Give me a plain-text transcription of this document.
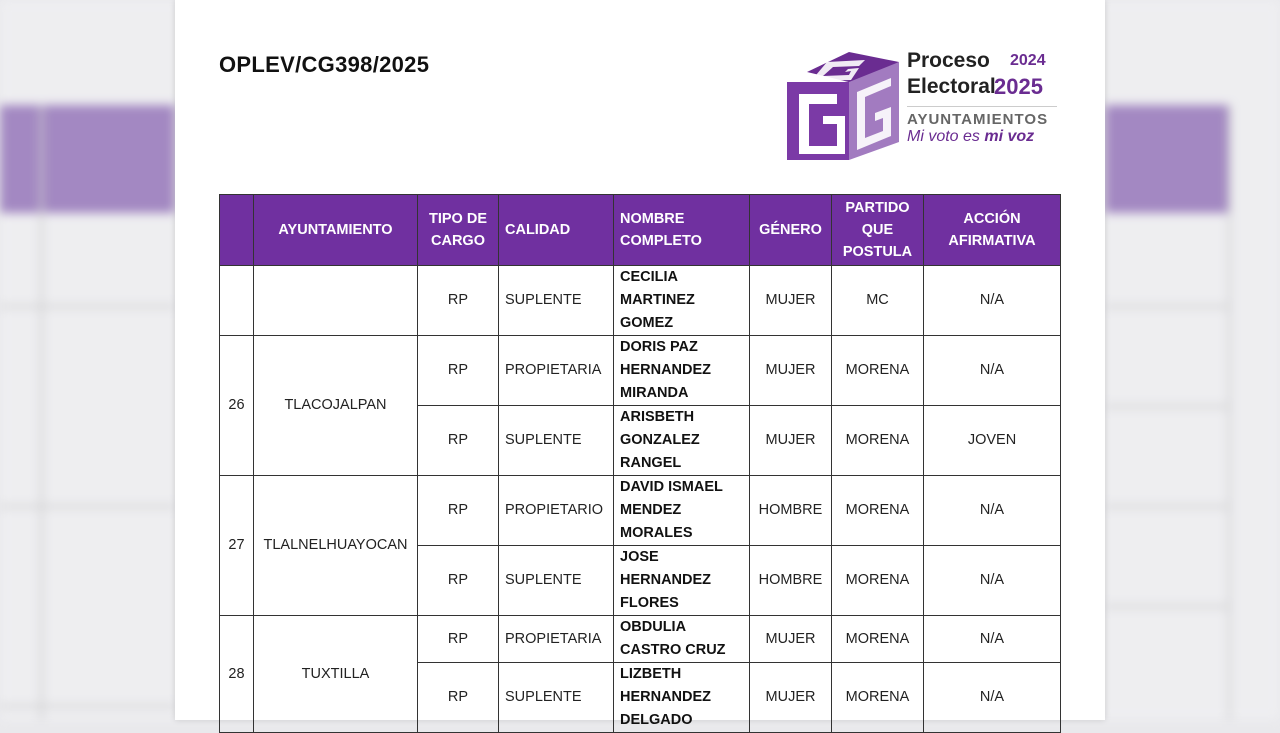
OPLEV/CG398/2025	Proceso
Electoral
2024
2025
AYUNTAMIENTOS
Mi voto es mi voz
	AYUNTAMIENTO	TIPO DE CARGO	CALIDAD	NOMBRE COMPLETO	GÉNERO	PARTIDO QUE POSTULA	ACCIÓN AFIRMATIVA
		RP	SUPLENTE	CECILIA MARTINEZ GOMEZ	MUJER	MC	N/A
26	TLACOJALPAN	RP	PROPIETARIA	DORIS PAZ HERNANDEZ MIRANDA	MUJER	MORENA	N/A
		RP	SUPLENTE	ARISBETH GONZALEZ RANGEL	MUJER	MORENA	JOVEN
27	TLALNELHUAYOCAN	RP	PROPIETARIO	DAVID ISMAEL MENDEZ MORALES	HOMBRE	MORENA	N/A
		RP	SUPLENTE	JOSE HERNANDEZ FLORES	HOMBRE	MORENA	N/A
28	TUXTILLA	RP	PROPIETARIA	OBDULIA CASTRO CRUZ	MUJER	MORENA	N/A
		RP	SUPLENTE	LIZBETH HERNANDEZ DELGADO	MUJER	MORENA	N/A
